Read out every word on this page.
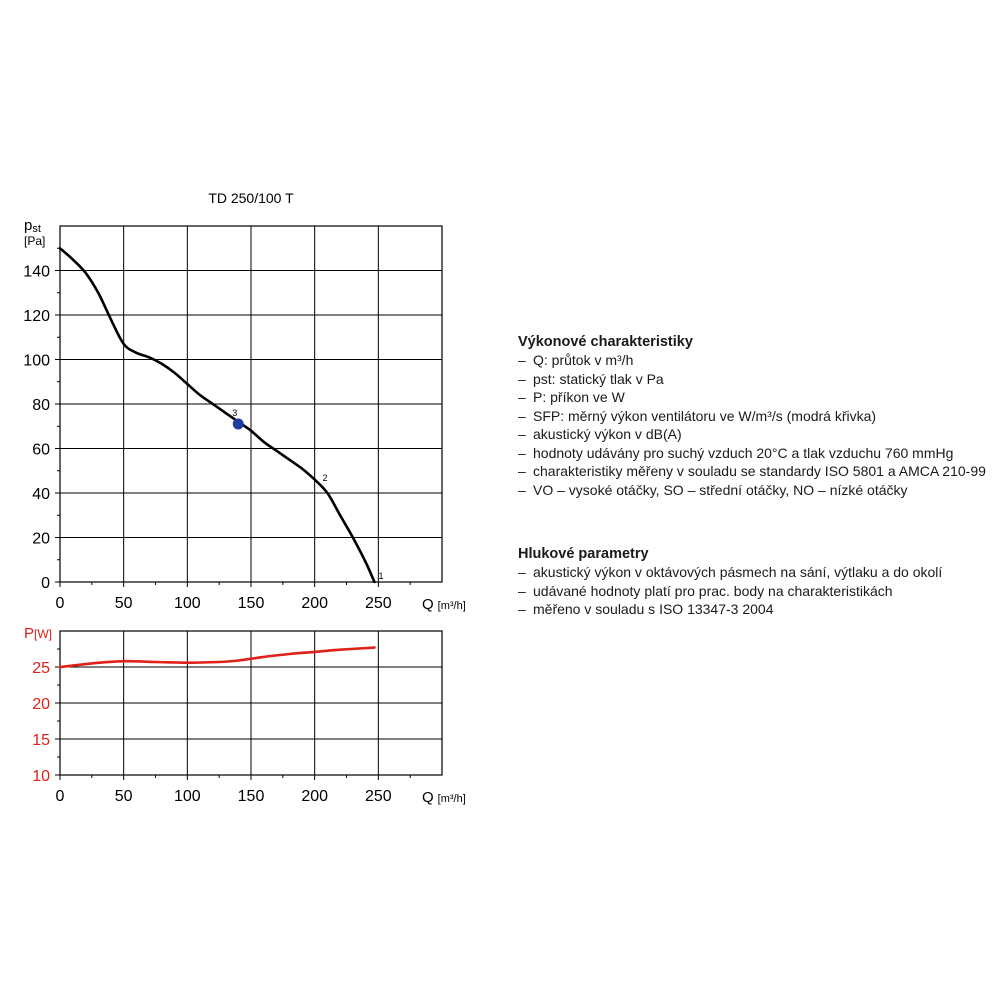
TD 250/100 T
pst
[Pa]
0
20
40
60
80
100
120
140
0	50	100 150 200 250 Q [m³/h]
1
2
3
P[W]
10
15
20
25
0	50	100 150 200 250 Q [m³/h]
Výkonové charakteristiky
– Q: průtok v m³/h
– pst: statický tlak v Pa
– P: příkon ve W
– SFP: měrný výkon ventilátoru ve W/m³/s (modrá křivka)
– akustický výkon v dB(A)
– hodnoty udávány pro suchý vzduch 20°C a tlak vzduchu 760 mmHg
– charakteristiky měřeny v souladu se standardy ISO 5801 a AMCA 210-99
– VO – vysoké otáčky, SO – střední otáčky, NO – nízké otáčky
Hlukové parametry
– akustický výkon v oktávových pásmech na sání, výtlaku a do okolí
– udávané hodnoty platí pro prac. body na charakteristikách
– měřeno v souladu s ISO 13347-3 2004
